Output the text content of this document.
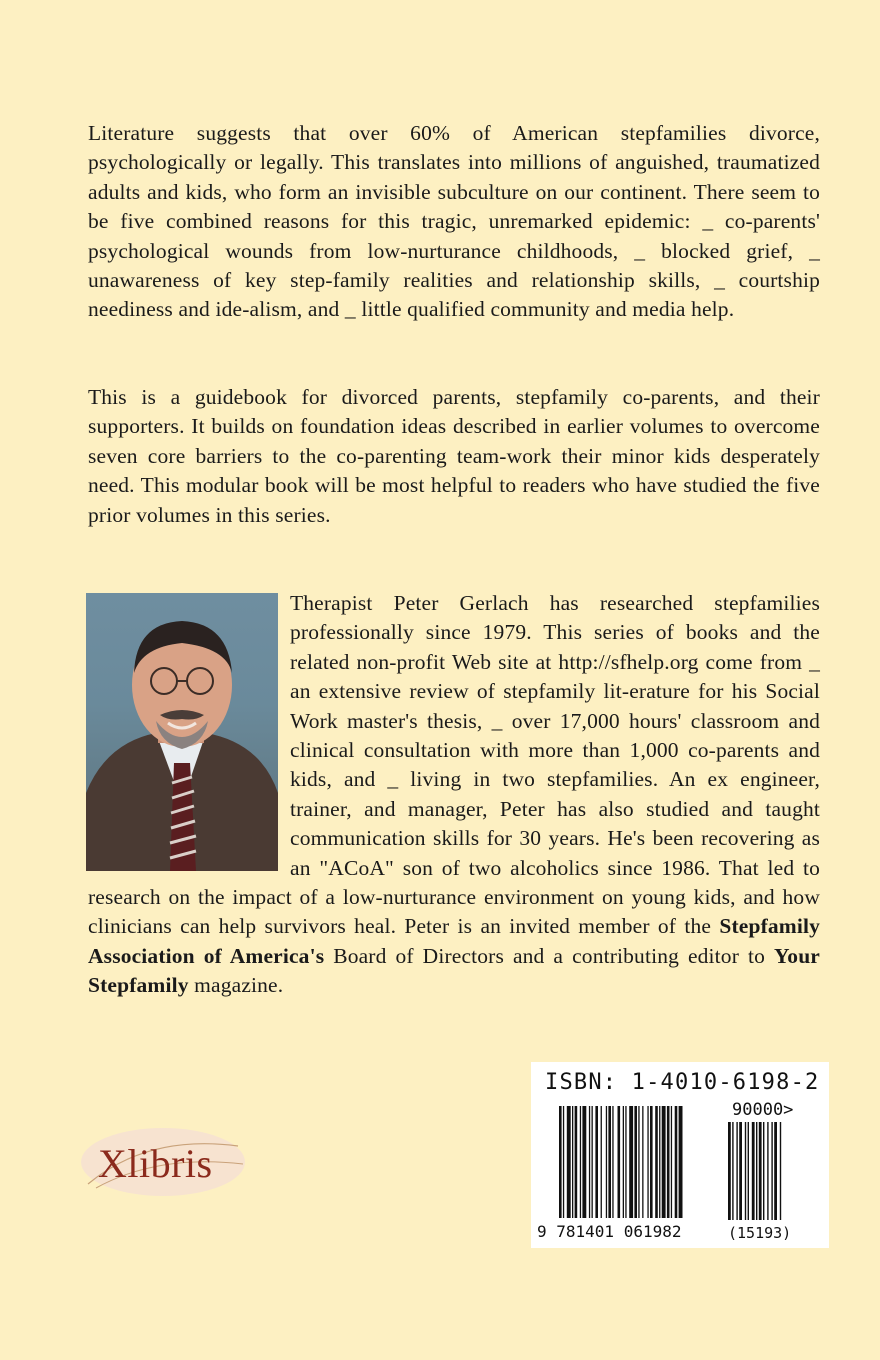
Literature suggests that over 60% of American stepfamilies divorce, psychologically or legally. This translates into millions of anguished, traumatized adults and kids, who form an invisible subculture on our continent. There seem to be five combined reasons for this tragic, unremarked epidemic: _ co-parents' psychological wounds from low-nurturance childhoods, _ blocked grief, _ unawareness of key step-family realities and relationship skills, _ courtship neediness and ide-alism, and _ little qualified community and media help.

This is a guidebook for divorced parents, stepfamily co-parents, and their supporters. It builds on foundation ideas described in earlier volumes to overcome seven core barriers to the co-parenting team-work their minor kids desperately need. This modular book will be most helpful to readers who have studied the five prior volumes in this series.

Therapist Peter Gerlach has researched stepfamilies professionally since 1979. This series of books and the related non-profit Web site at http://sfhelp.org come from _ an extensive review of stepfamily lit-erature for his Social Work master's thesis, _ over 17,000 hours' classroom and clinical consultation with more than 1,000 co-parents and kids, and _ living in two stepfamilies. An ex engineer, trainer, and manager, Peter has also studied and taught communication skills for 30 years. He's been recovering as an "ACoA" son of two alcoholics since 1986. That led to research on the impact of a low-nurturance environment on young kids, and how clinicians can help survivors heal. Peter is an invited member of the Stepfamily Association of America's Board of Directors and a contributing editor to Your Stepfamily magazine.
Xlibris
ISBN: 1-4010-6198-2
90000>
9 781401 061982	(15193)
